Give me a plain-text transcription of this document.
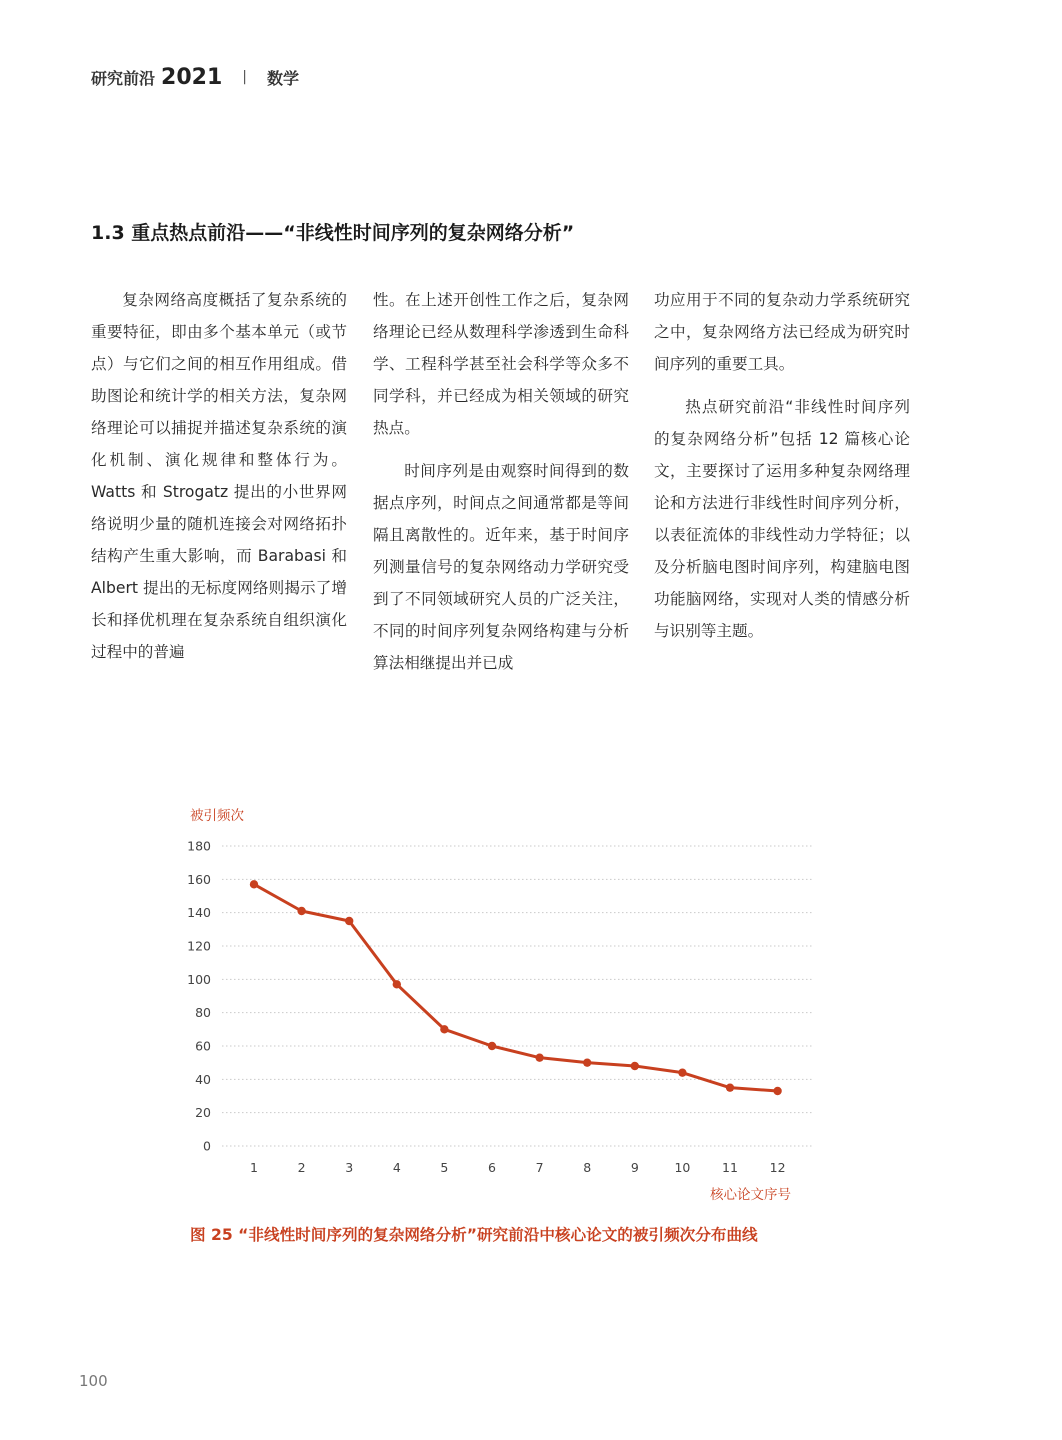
研究前沿 2021 | 数学
1.3 重点热点前沿——“非线性时间序列的复杂网络分析”

复杂网络高度概括了复杂系统的重要特征，即由多个基本单元（或节点）与它们之间的相互作用组成。借助图论和统计学的相关方法，复杂网络理论可以捕捉并描述复杂系统的演化机制、演化规律和整体行为。Watts 和 Strogatz 提出的小世界网络说明少量的随机连接会对网络拓扑结构产生重大影响，而 Barabasi 和 Albert 提出的无标度网络则揭示了增长和择优机理在复杂系统自组织演化过程中的普遍

性。在上述开创性工作之后，复杂网络理论已经从数理科学渗透到生命科学、工程科学甚至社会科学等众多不同学科，并已经成为相关领域的研究热点。

时间序列是由观察时间得到的数据点序列，时间点之间通常都是等间隔且离散性的。近年来，基于时间序列测量信号的复杂网络动力学研究受到了不同领域研究人员的广泛关注，不同的时间序列复杂网络构建与分析算法相继提出并已成

功应用于不同的复杂动力学系统研究之中，复杂网络方法已经成为研究时间序列的重要工具。

热点研究前沿“非线性时间序列的复杂网络分析”包括 12 篇核心论文，主要探讨了运用多种复杂网络理论和方法进行非线性时间序列分析，以表征流体的非线性动力学特征；以及分析脑电图时间序列，构建脑电图功能脑网络，实现对人类的情感分析与识别等主题。

0
20
40
60
80
100
120
140
160
180
1	2	3	4	5	6	7	8	9	10	11	12
被引频次
核心论文序号
图 25 “非线性时间序列的复杂网络分析”研究前沿中核心论文的被引频次分布曲线
100
